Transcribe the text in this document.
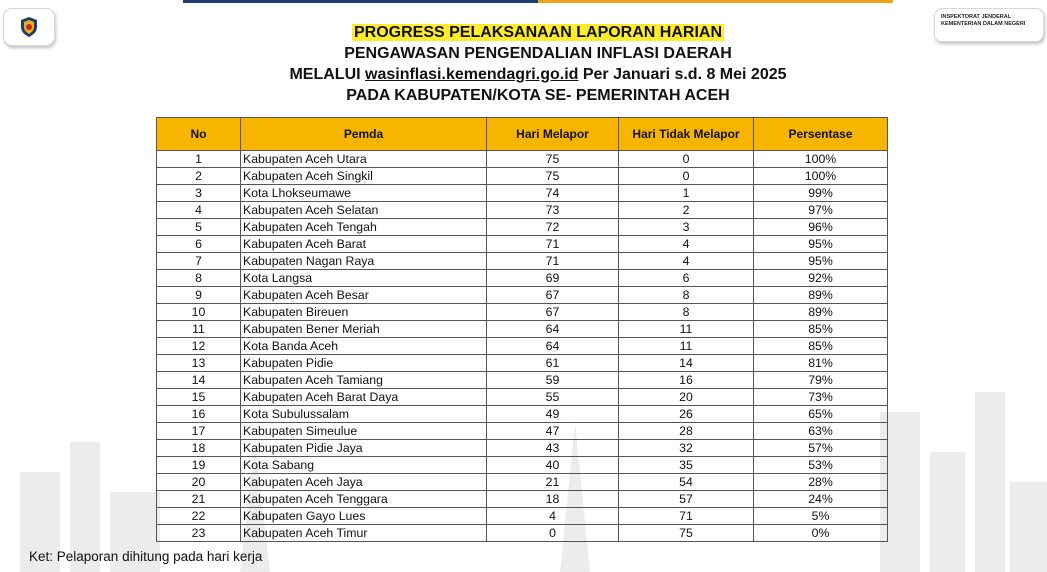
INSPEKTORAT JENDERAL
KEMENTERIAN DALAM NEGERI
PROGRESS PELAKSANAAN LAPORAN HARIAN
PENGAWASAN PENGENDALIAN INFLASI DAERAH
MELALUI wasinflasi.kemendagri.go.id Per Januari s.d. 8 Mei 2025
PADA KABUPATEN/KOTA SE- PEMERINTAH ACEH
No	Pemda	Hari Melapor	Hari Tidak Melapor	Persentase
1	Kabupaten Aceh Utara	75	0	100%
2	Kabupaten Aceh Singkil	75	0	100%
3	Kota Lhokseumawe	74	1	99%
4	Kabupaten Aceh Selatan	73	2	97%
5	Kabupaten Aceh Tengah	72	3	96%
6	Kabupaten Aceh Barat	71	4	95%
7	Kabupaten Nagan Raya	71	4	95%
8	Kota Langsa	69	6	92%
9	Kabupaten Aceh Besar	67	8	89%
10	Kabupaten Bireuen	67	8	89%
11	Kabupaten Bener Meriah	64	11	85%
12	Kota Banda Aceh	64	11	85%
13	Kabupaten Pidie	61	14	81%
14	Kabupaten Aceh Tamiang	59	16	79%
15	Kabupaten Aceh Barat Daya	55	20	73%
16	Kota Subulussalam	49	26	65%
17	Kabupaten Simeulue	47	28	63%
18	Kabupaten Pidie Jaya	43	32	57%
19	Kota Sabang	40	35	53%
20	Kabupaten Aceh Jaya	21	54	28%
21	Kabupaten Aceh Tenggara	18	57	24%
22	Kabupaten Gayo Lues	4	71	5%
23	Kabupaten Aceh Timur	0	75	0%
Ket: Pelaporan dihitung pada hari kerja
